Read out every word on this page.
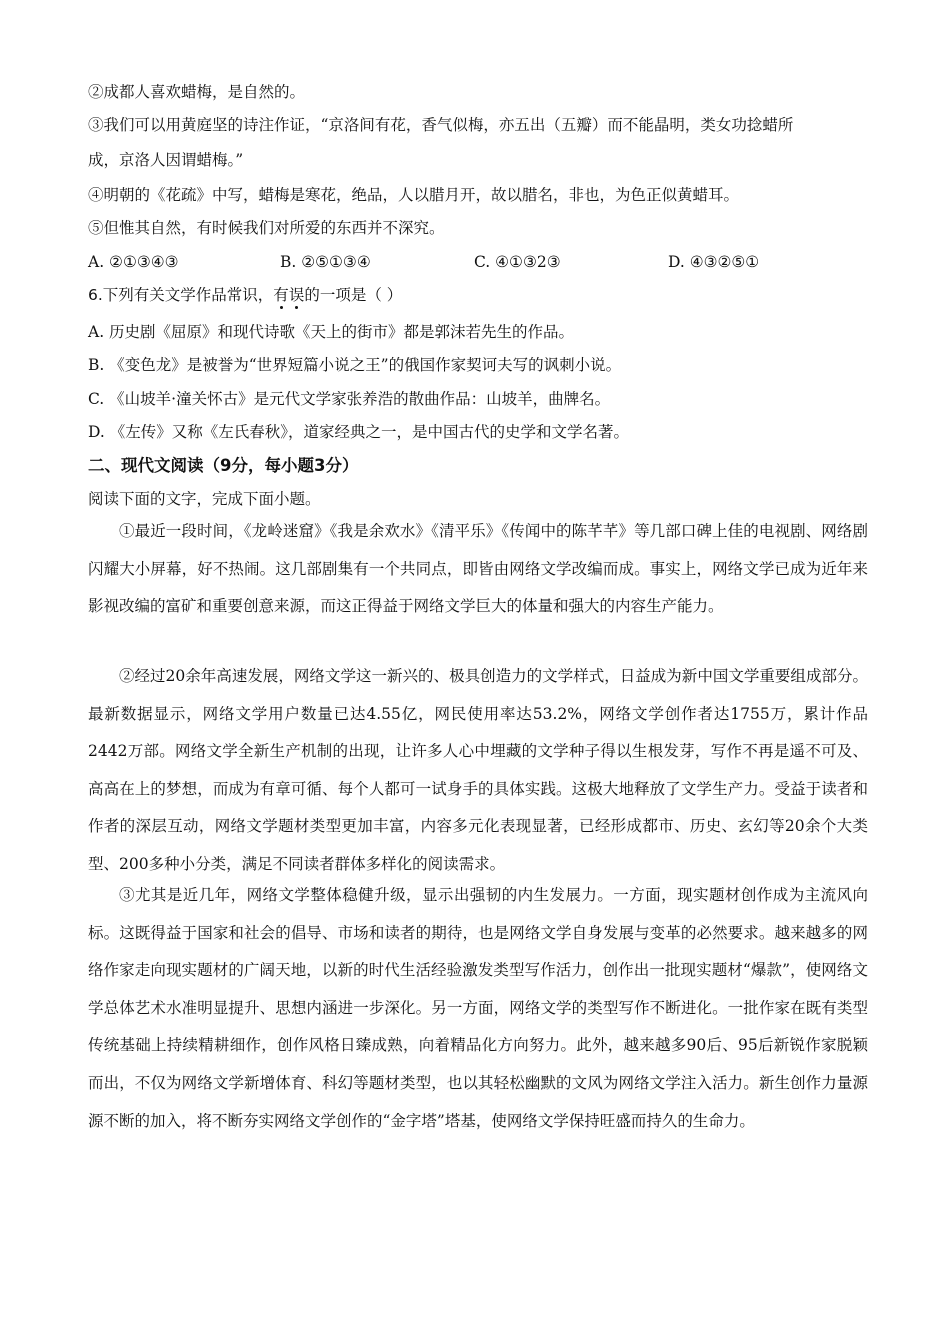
②成都人喜欢蜡梅，是自然的。
③我们可以用黄庭坚的诗注作证，“京洛间有花，香气似梅，亦五出（五瓣）而不能晶明，类女功捻蜡所
成，京洛人因谓蜡梅。”
④明朝的《花疏》中写，蜡梅是寒花，绝品，人以腊月开，故以腊名，非也，为色正似黄蜡耳。
⑤但惟其自然，有时候我们对所爱的东西并不深究。
A. ②①③④③	B. ②⑤①③④	C. ④①③2③	D. ④③②⑤①
6.下列有关文学作品常识，有误的一项是（ ）
A. 历史剧《屈原》和现代诗歌《天上的街市》都是郭沫若先生的作品。
B. 《变色龙》是被誉为“世界短篇小说之王”的俄国作家契诃夫写的讽刺小说。
C. 《山坡羊·潼关怀古》是元代文学家张养浩的散曲作品：山坡羊，曲牌名。
D. 《左传》又称《左氏春秋》，道家经典之一，是中国古代的史学和文学名著。
二、现代文阅读（9分，每小题3分）
阅读下面的文字，完成下面小题。
①最近一段时间，《龙岭迷窟》《我是余欢水》《清平乐》《传闻中的陈芊芊》等几部口碑上佳的电视剧、网络剧闪耀大小屏幕，好不热闹。这几部剧集有一个共同点，即皆由网络文学改编而成。事实上，网络文学已成为近年来影视改编的富矿和重要创意来源，而这正得益于网络文学巨大的体量和强大的内容生产能力。
②经过20余年高速发展，网络文学这一新兴的、极具创造力的文学样式，日益成为新中国文学重要组成部分。最新数据显示，网络文学用户数量已达4.55亿，网民使用率达53.2%，网络文学创作者达1755万，累计作品2442万部。网络文学全新生产机制的出现，让许多人心中埋藏的文学种子得以生根发芽，写作不再是遥不可及、高高在上的梦想，而成为有章可循、每个人都可一试身手的具体实践。这极大地释放了文学生产力。受益于读者和作者的深层互动，网络文学题材类型更加丰富，内容多元化表现显著，已经形成都市、历史、玄幻等20余个大类型、200多种小分类，满足不同读者群体多样化的阅读需求。
③尤其是近几年，网络文学整体稳健升级，显示出强韧的内生发展力。一方面，现实题材创作成为主流风向标。这既得益于国家和社会的倡导、市场和读者的期待，也是网络文学自身发展与变革的必然要求。越来越多的网络作家走向现实题材的广阔天地，以新的时代生活经验激发类型写作活力，创作出一批现实题材“爆款”，使网络文学总体艺术水准明显提升、思想内涵进一步深化。另一方面，网络文学的类型写作不断进化。一批作家在既有类型传统基础上持续精耕细作，创作风格日臻成熟，向着精品化方向努力。此外，越来越多90后、95后新锐作家脱颖而出，不仅为网络文学新增体育、科幻等题材类型，也以其轻松幽默的文风为网络文学注入活力。新生创作力量源源不断的加入，将不断夯实网络文学创作的“金字塔”塔基，使网络文学保持旺盛而持久的生命力。
